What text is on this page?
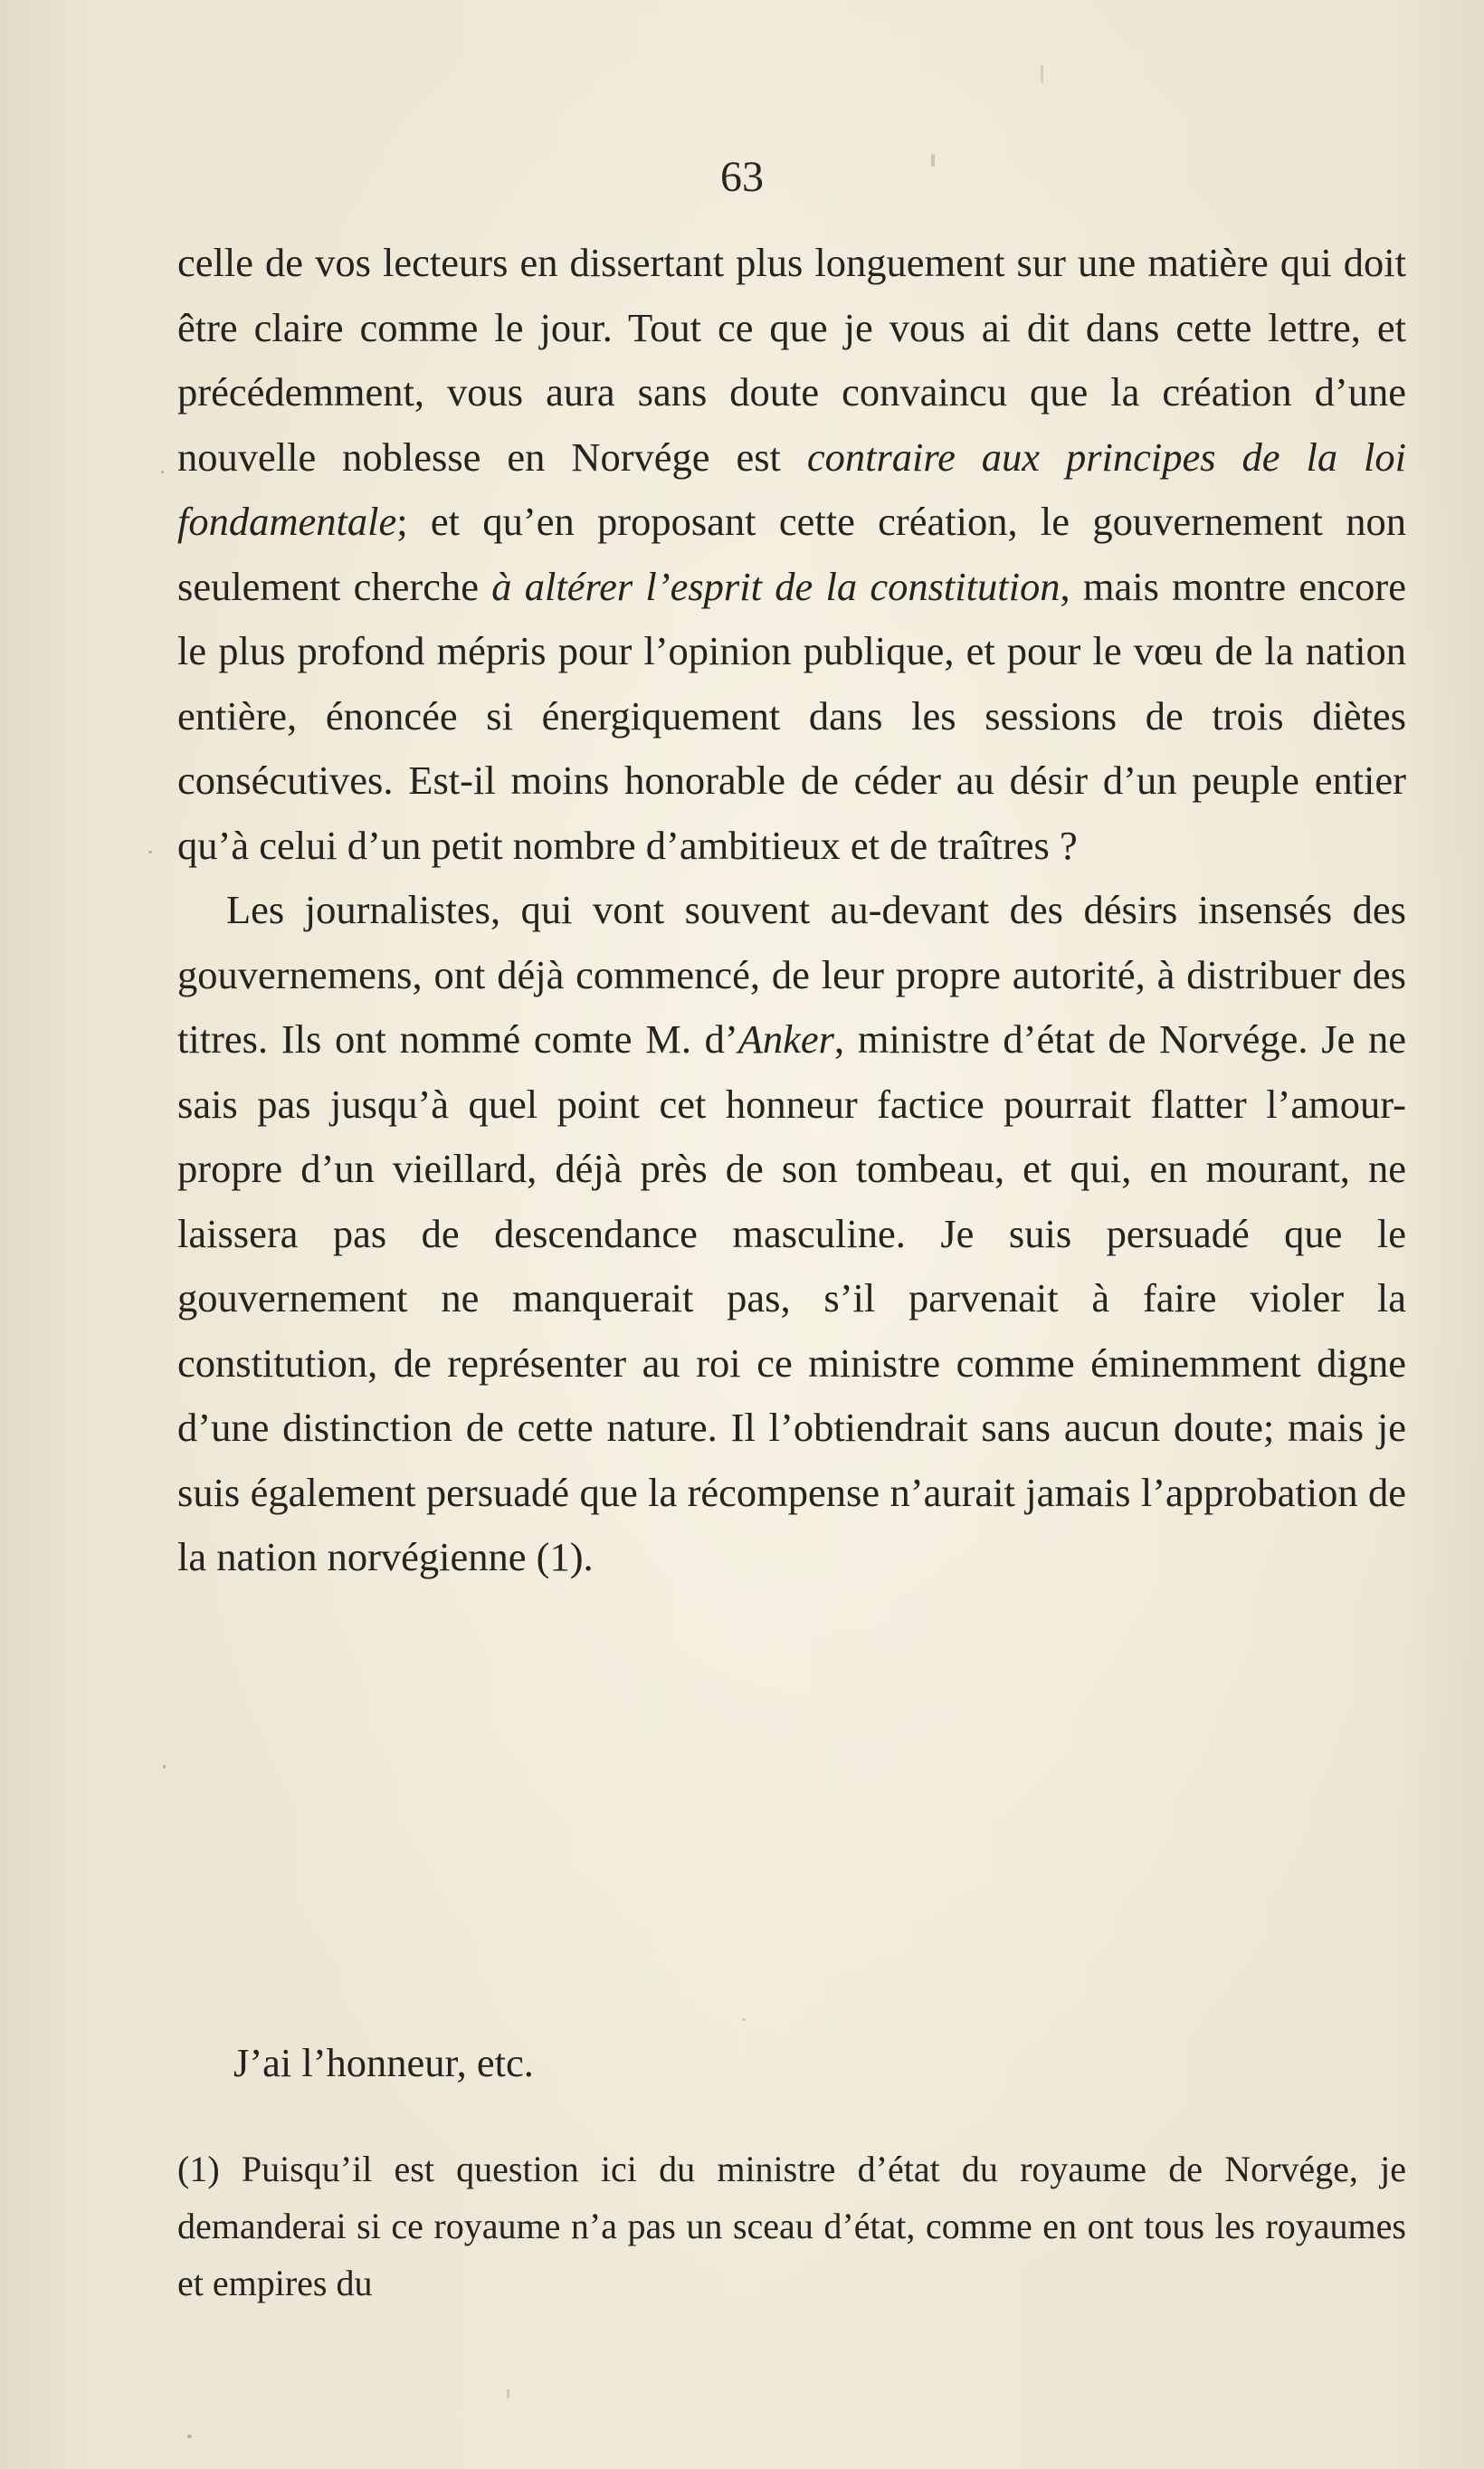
63

celle de vos lecteurs en dissertant plus longuement sur une matière qui doit être claire comme le jour. Tout ce que je vous ai dit dans cette lettre, et précédemment, vous aura sans doute convaincu que la création d’une nouvelle noblesse en Norvége est contraire aux principes de la loi fondamentale; et qu’en proposant cette création, le gouvernement non seulement cherche à altérer l’esprit de la constitution, mais montre encore le plus profond mépris pour l’opinion publique, et pour le vœu de la nation entière, énoncée si énergiquement dans les sessions de trois diètes consécutives. Est-il moins honorable de céder au désir d’un peuple entier qu’à celui d’un petit nombre d’ambitieux et de traîtres ?

Les journalistes, qui vont souvent au-devant des désirs insensés des gouvernemens, ont déjà commencé, de leur propre autorité, à distribuer des titres. Ils ont nommé comte M. d’Anker, ministre d’état de Norvége. Je ne sais pas jusqu’à quel point cet honneur factice pourrait flatter l’amour-propre d’un vieillard, déjà près de son tombeau, et qui, en mourant, ne laissera pas de descendance masculine. Je suis persuadé que le gouvernement ne manquerait pas, s’il parvenait à faire violer la constitution, de représenter au roi ce ministre comme éminemment digne d’une distinction de cette nature. Il l’obtiendrait sans aucun doute; mais je suis également persuadé que la récompense n’aurait jamais l’approbation de la nation norvégienne (1).

J’ai l’honneur, etc.

(1) Puisqu’il est question ici du ministre d’état du royaume de Norvége, je demanderai si ce royaume n’a pas un sceau d’état, comme en ont tous les royaumes et empires du
